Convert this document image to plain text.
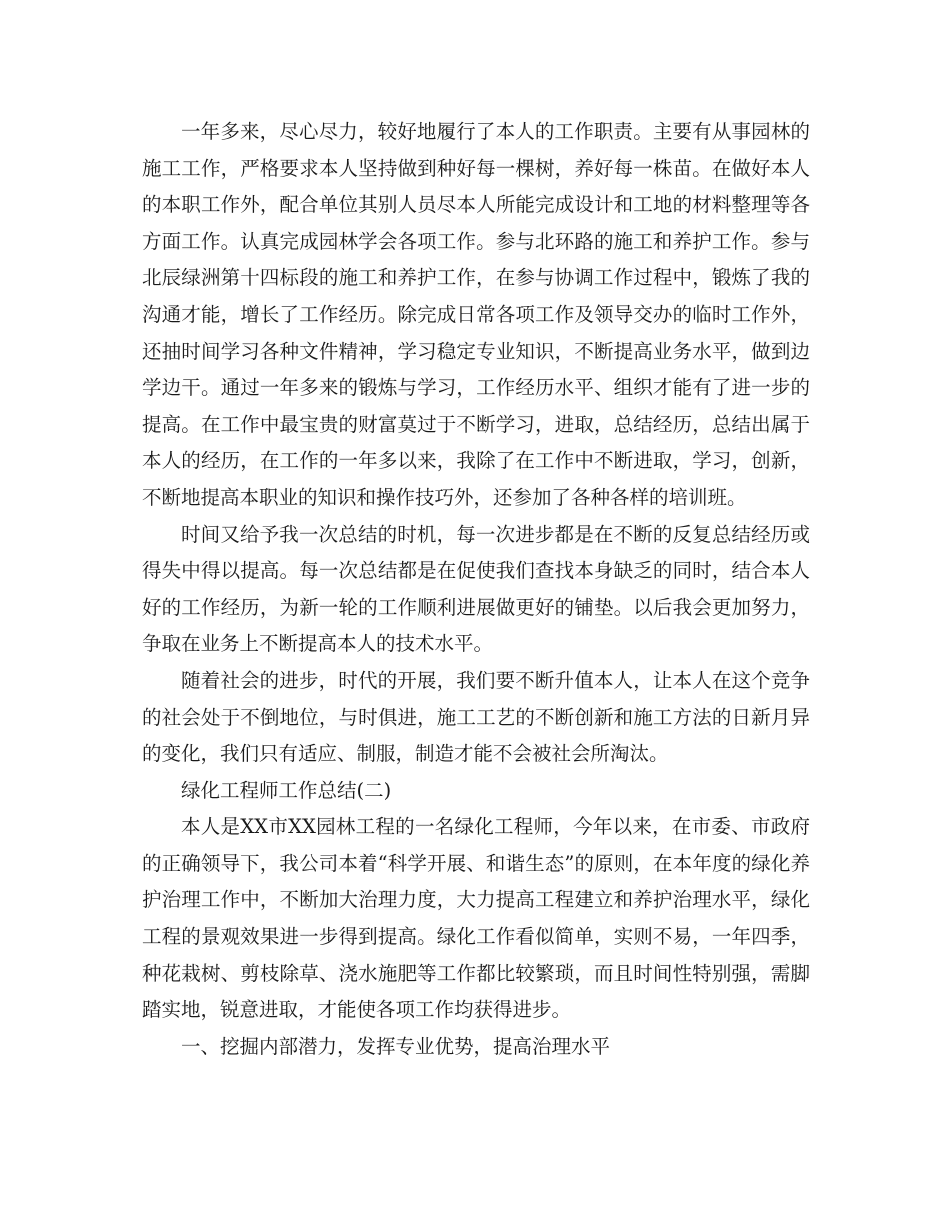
一年多来，尽心尽力，较好地履行了本人的工作职责。主要有从事园林的施工工作，严格要求本人坚持做到种好每一棵树，养好每一株苗。在做好本人的本职工作外，配合单位其别人员尽本人所能完成设计和工地的材料整理等各方面工作。认真完成园林学会各项工作。参与北环路的施工和养护工作。参与北辰绿洲第十四标段的施工和养护工作，在参与协调工作过程中，锻炼了我的沟通才能，增长了工作经历。除完成日常各项工作及领导交办的临时工作外，还抽时间学习各种文件精神，学习稳定专业知识，不断提高业务水平，做到边学边干。通过一年多来的锻炼与学习，工作经历水平、组织才能有了进一步的提高。在工作中最宝贵的财富莫过于不断学习，进取，总结经历，总结出属于本人的经历，在工作的一年多以来，我除了在工作中不断进取，学习，创新，不断地提高本职业的知识和操作技巧外，还参加了各种各样的培训班。

时间又给予我一次总结的时机，每一次进步都是在不断的反复总结经历或得失中得以提高。每一次总结都是在促使我们查找本身缺乏的同时，结合本人好的工作经历，为新一轮的工作顺利进展做更好的铺垫。以后我会更加努力，争取在业务上不断提高本人的技术水平。

随着社会的进步，时代的开展，我们要不断升值本人，让本人在这个竞争的社会处于不倒地位，与时俱进，施工工艺的不断创新和施工方法的日新月异的变化，我们只有适应、制服，制造才能不会被社会所淘汰。

绿化工程师工作总结(二)

本人是XX市XX园林工程的一名绿化工程师，今年以来，在市委、市政府的正确领导下，我公司本着“科学开展、和谐生态”的原则，在本年度的绿化养护治理工作中，不断加大治理力度，大力提高工程建立和养护治理水平，绿化工程的景观效果进一步得到提高。绿化工作看似简单，实则不易，一年四季，种花栽树、剪枝除草、浇水施肥等工作都比较繁琐，而且时间性特别强，需脚踏实地，锐意进取，才能使各项工作均获得进步。

一、挖掘内部潜力，发挥专业优势，提高治理水平
